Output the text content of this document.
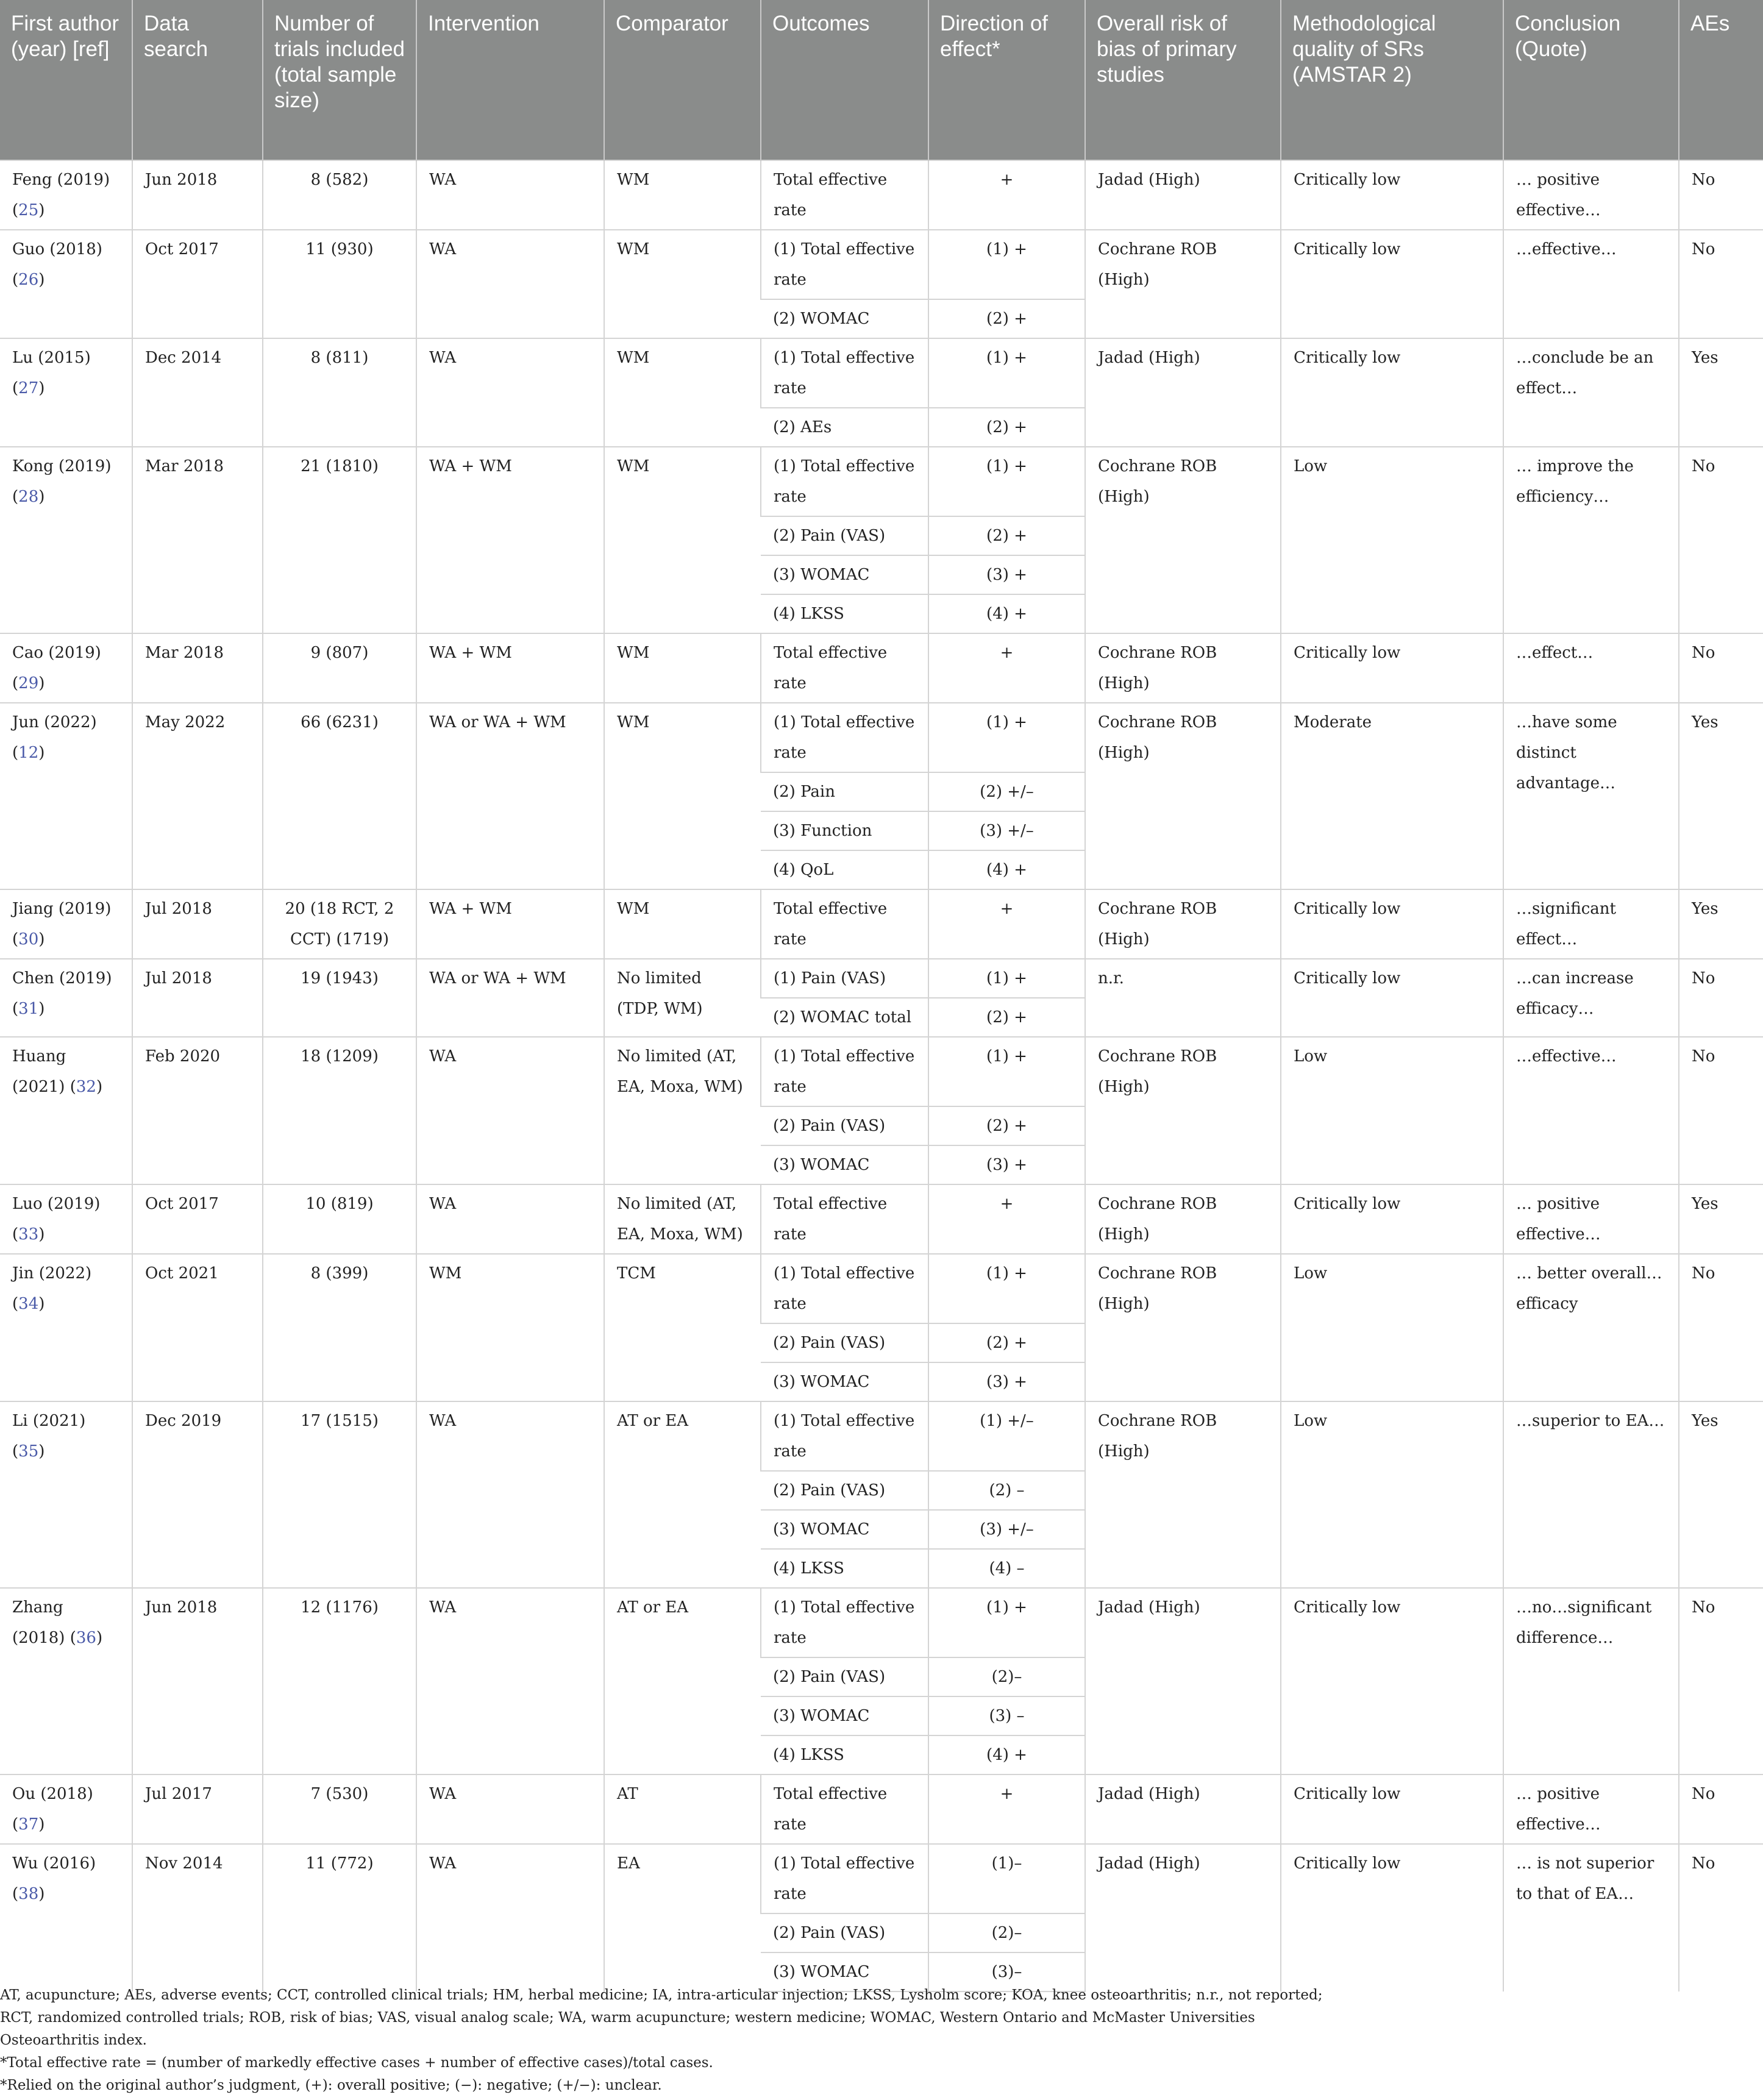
First author (year) [ref]	Data search	Number of trials included (total sample size)	Intervention	Comparator	Outcomes	Direction of effect*	Overall risk of bias of primary studies	Methodological quality of SRs (AMSTAR 2)	Conclusion (Quote)	AEs
Feng (2019) (25)	Jun 2018	8 (582)	WA	WM	Total effective rate	+	Jadad (High)	Critically low	… positive effective…	No
Guo (2018) (26)	Oct 2017	11 (930)	WA	WM	(1) Total effective rate	(1) +	Cochrane ROB (High)	Critically low	…effective…	No
					(2) WOMAC	(2) +				
Lu (2015) (27)	Dec 2014	8 (811)	WA	WM	(1) Total effective rate	(1) +	Jadad (High)	Critically low	…conclude be an effect…	Yes
					(2) AEs	(2) +				
Kong (2019) (28)	Mar 2018	21 (1810)	WA + WM	WM	(1) Total effective rate	(1) +	Cochrane ROB (High)	Low	… improve the efficiency…	No
					(2) Pain (VAS)	(2) +				
					(3) WOMAC	(3) +				
					(4) LKSS	(4) +				
Cao (2019) (29)	Mar 2018	9 (807)	WA + WM	WM	Total effective rate	+	Cochrane ROB (High)	Critically low	…effect…	No
Jun (2022) (12)	May 2022	66 (6231)	WA or WA + WM	WM	(1) Total effective rate	(1) +	Cochrane ROB (High)	Moderate	…have some distinct advantage…	Yes
					(2) Pain	(2) +/–				
					(3) Function	(3) +/–				
					(4) QoL	(4) +				
Jiang (2019) (30)	Jul 2018	20 (18 RCT, 2 CCT) (1719)	WA + WM	WM	Total effective rate	+	Cochrane ROB (High)	Critically low	…significant effect…	Yes
Chen (2019) (31)	Jul 2018	19 (1943)	WA or WA + WM	No limited (TDP, WM)	(1) Pain (VAS)	(1) +	n.r.	Critically low	…can increase efficacy…	No
					(2) WOMAC total	(2) +				
Huang (2021) (32)	Feb 2020	18 (1209)	WA	No limited (AT, EA, Moxa, WM)	(1) Total effective rate	(1) +	Cochrane ROB (High)	Low	…effective…	No
					(2) Pain (VAS)	(2) +				
					(3) WOMAC	(3) +				
Luo (2019) (33)	Oct 2017	10 (819)	WA	No limited (AT, EA, Moxa, WM)	Total effective rate	+	Cochrane ROB (High)	Critically low	… positive effective…	Yes
Jin (2022) (34)	Oct 2021	8 (399)	WM	TCM	(1) Total effective rate	(1) +	Cochrane ROB (High)	Low	… better overall… efficacy	No
					(2) Pain (VAS)	(2) +				
					(3) WOMAC	(3) +				
Li (2021) (35)	Dec 2019	17 (1515)	WA	AT or EA	(1) Total effective rate	(1) +/–	Cochrane ROB (High)	Low	…superior to EA…	Yes
					(2) Pain (VAS)	(2) –				
					(3) WOMAC	(3) +/–				
					(4) LKSS	(4) –				
Zhang (2018) (36)	Jun 2018	12 (1176)	WA	AT or EA	(1) Total effective rate	(1) +	Jadad (High)	Critically low	…no…significant difference…	No
					(2) Pain (VAS)	(2)–				
					(3) WOMAC	(3) –				
					(4) LKSS	(4) +				
Ou (2018) (37)	Jul 2017	7 (530)	WA	AT	Total effective rate	+	Jadad (High)	Critically low	… positive effective…	No
Wu (2016) (38)	Nov 2014	11 (772)	WA	EA	(1) Total effective rate	(1)–	Jadad (High)	Critically low	… is not superior to that of EA…	No
					(2) Pain (VAS)	(2)–				
					(3) WOMAC	(3)–				

AT, acupuncture; AEs, adverse events; CCT, controlled clinical trials; HM, herbal medicine; IA, intra-articular injection; LKSS, Lysholm score; KOA, knee osteoarthritis; n.r., not reported;

RCT, randomized controlled trials; ROB, risk of bias; VAS, visual analog scale; WA, warm acupuncture; western medicine; WOMAC, Western Ontario and McMaster Universities

Osteoarthritis index.

*Total effective rate = (number of markedly effective cases + number of effective cases)/total cases.

*Relied on the original author’s judgment, (+): overall positive; (−): negative; (+/−): unclear.
